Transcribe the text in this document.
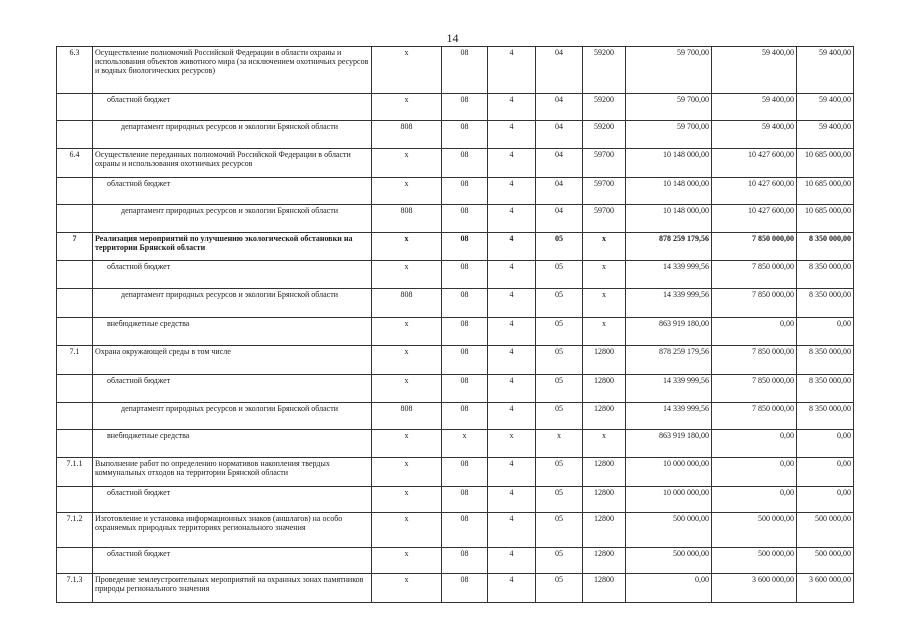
14
6.3	Осуществление полномочий Российской Федерации в области охраны и использования объектов животного мира (за исключением охотничьих ресурсов и водных биологических ресурсов)	x	08	4	04	59200	59 700,00	59 400,00	59 400,00
	областной бюджет	x	08	4	04	59200	59 700,00	59 400,00	59 400,00
	департамент природных ресурсов и экологии Брянской области	808	08	4	04	59200	59 700,00	59 400,00	59 400,00
6.4	Осуществление переданных полномочий Российской Федерации в области охраны и использования охотничьих ресурсов	x	08	4	04	59700	10 148 000,00	10 427 600,00	10 685 000,00
	областной бюджет	x	08	4	04	59700	10 148 000,00	10 427 600,00	10 685 000,00
	департамент природных ресурсов и экологии Брянской области	808	08	4	04	59700	10 148 000,00	10 427 600,00	10 685 000,00
7	Реализация мероприятий по улучшению экологической обстановки на территории Брянской области	x	08	4	05	x	878 259 179,56	7 850 000,00	8 350 000,00
	областной бюджет	x	08	4	05	x	14 339 999,56	7 850 000,00	8 350 000,00
	департамент природных ресурсов и экологии Брянской области	808	08	4	05	x	14 339 999,56	7 850 000,00	8 350 000,00
	внебюджетные средства	x	08	4	05	x	863 919 180,00	0,00	0,00
7.1	Охрана окружающей среды в том числе	x	08	4	05	12800	878 259 179,56	7 850 000,00	8 350 000,00
	областной бюджет	x	08	4	05	12800	14 339 999,56	7 850 000,00	8 350 000,00
	департамент природных ресурсов и экологии Брянской области	808	08	4	05	12800	14 339 999,56	7 850 000,00	8 350 000,00
	внебюджетные средства	x	x	x	x	x	863 919 180,00	0,00	0,00
7.1.1	Выполнение работ по определению нормативов накопления твердых коммунальных отходов на территории Брянской области	x	08	4	05	12800	10 000 000,00	0,00	0,00
	областной бюджет	x	08	4	05	12800	10 000 000,00	0,00	0,00
7.1.2	Изготовление и установка информационных знаков (аншлагов) на особо охраняемых природных территориях регионального значения	x	08	4	05	12800	500 000,00	500 000,00	500 000,00
	областной бюджет	x	08	4	05	12800	500 000,00	500 000,00	500 000,00
7.1.3	Проведение землеустроительных мероприятий на охранных зонах памятников природы регионального значения	x	08	4	05	12800	0,00	3 600 000,00	3 600 000,00
